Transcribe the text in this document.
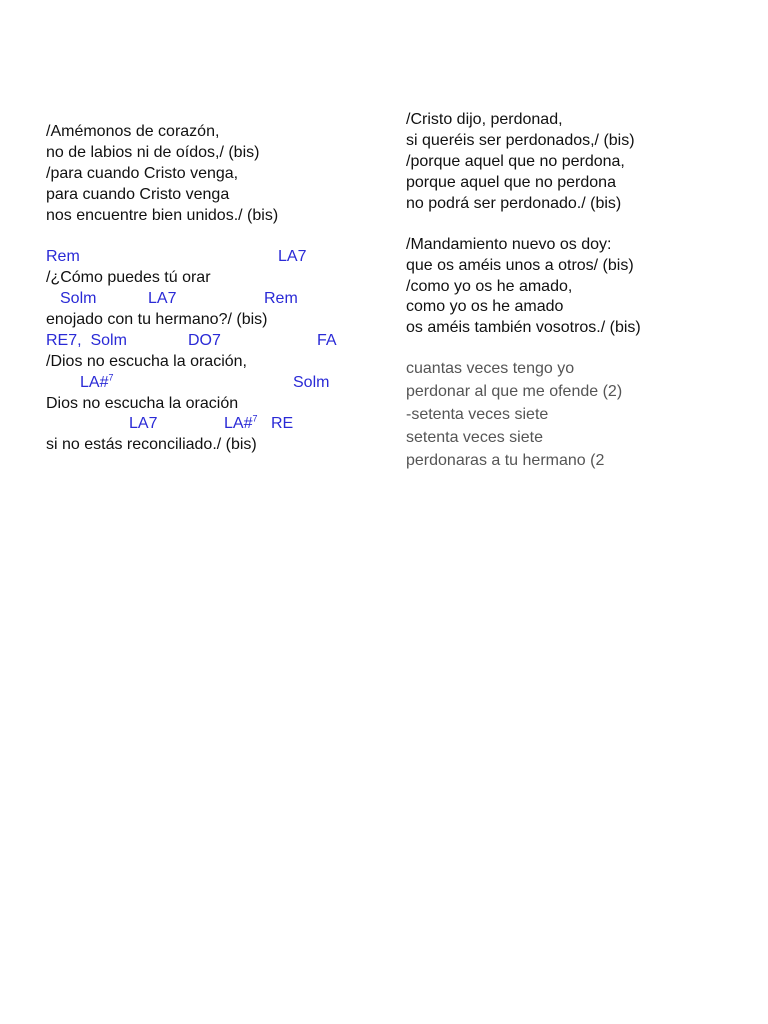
/Amémonos de corazón,
no de labios ni de oídos,/ (bis)
/para cuando Cristo venga,
para cuando Cristo venga
nos encuentre bien unidos./ (bis)
Rem	LA7
/¿Cómo puedes tú orar
Solm	LA7	Rem
enojado con tu hermano?/ (bis)
RE7,  Solm	DO7	FA
/Dios no escucha la oración,
LA#$^7$	Solm
Dios no escucha la oración
LA7	LA#$^7$ RE
si no estás reconciliado./ (bis)
/Cristo dijo, perdonad,
si queréis ser perdonados,/ (bis)
/porque aquel que no perdona,
porque aquel que no perdona
no podrá ser perdonado./ (bis)
/Mandamiento nuevo os doy:
que os améis unos a otros/ (bis)
/como yo os he amado,
como yo os he amado
os améis también vosotros./ (bis)
cuantas veces tengo yo
perdonar al que me ofende (2)
-setenta veces siete
setenta veces siete
perdonaras a tu hermano (2
